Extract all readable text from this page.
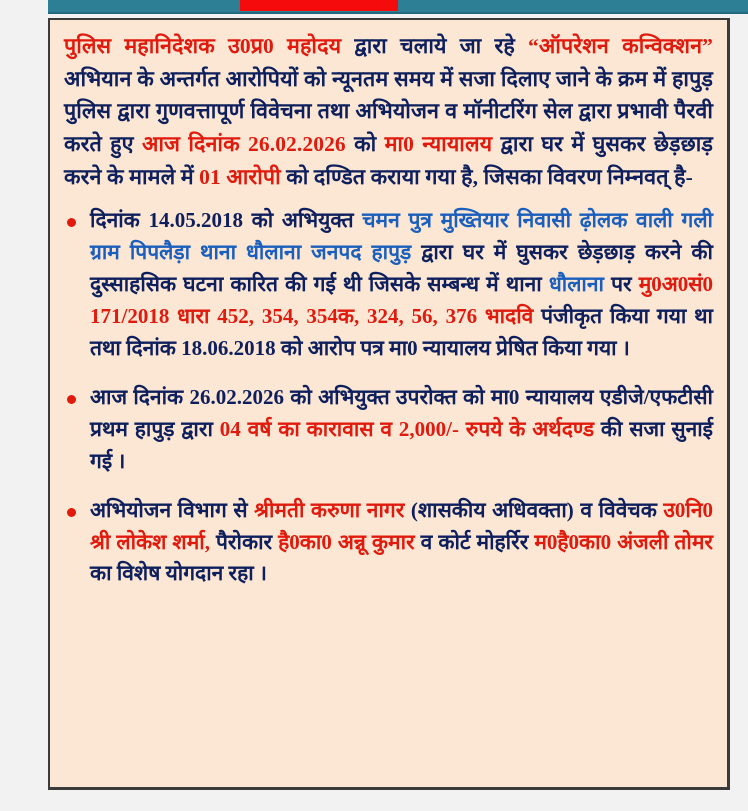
पुलिस महानिदेशक उ0प्र0 महोदय द्वारा चलाये जा रहे “ऑपरेशन कन्विक्शन” अभियान के अन्तर्गत आरोपियों को न्यूनतम समय में सजा दिलाए जाने के क्रम में हापुड़ पुलिस द्वारा गुणवत्तापूर्ण विवेचना तथा अभियोजन व मॉनीटरिंग सेल द्वारा प्रभावी पैरवी करते हुए आज दिनांक 26.02.2026 को मा0 न्यायालय द्वारा घर में घुसकर छेड़छाड़ करने के मामले में 01 आरोपी को दण्डित कराया गया है, जिसका विवरण निम्नवत् है-

दिनांक 14.05.2018 को अभियुक्त चमन पुत्र मुख्तियार निवासी ढ़ोलक वाली गली ग्राम पिपलैड़ा थाना धौलाना जनपद हापुड़ द्वारा घर में घुसकर छेड़छाड़ करने की दुस्साहसिक घटना कारित की गई थी जिसके सम्बन्ध में थाना धौलाना पर मु0अ0सं0 171/2018 धारा 452, 354, 354क, 324, 56, 376 भादवि पंजीकृत किया गया था तथा दिनांक 18.06.2018 को आरोप पत्र मा0 न्यायालय प्रेषित किया गया ।
आज दिनांक 26.02.2026 को अभियुक्त उपरोक्त को मा0 न्यायालय एडीजे/एफटीसी प्रथम हापुड़ द्वारा 04 वर्ष का कारावास व 2,000/- रुपये के अर्थदण्ड की सजा सुनाई गई ।
अभियोजन विभाग से श्रीमती करुणा नागर (शासकीय अधिवक्ता) व विवेचक उ0नि0 श्री लोकेश शर्मा, पैरोकार है0का0 अन्नू कुमार व कोर्ट मोहर्रिर म0है0का0 अंजली तोमर का विशेष योगदान रहा ।
